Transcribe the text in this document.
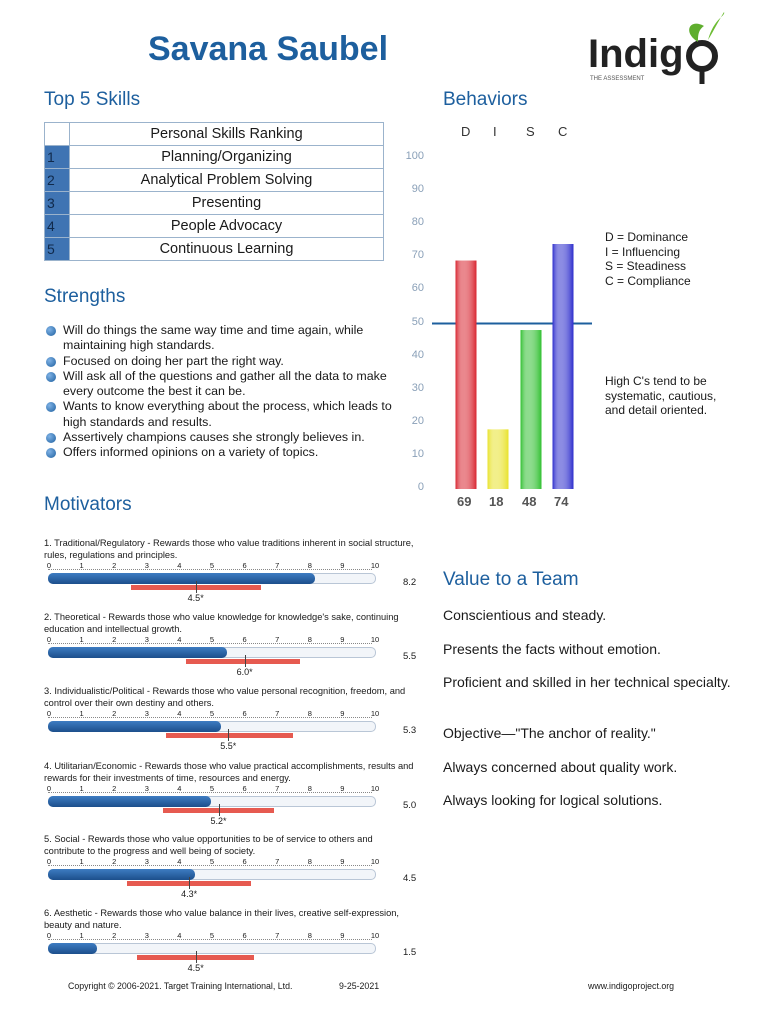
Savana Saubel	Indig
THE ASSESSMENT
Top 5 Skills
	Personal Skills Ranking
1	Planning/Organizing
2	Analytical Problem Solving
3	Presenting
4	People Advocacy
5	Continuous Learning
Strengths
Will do things the same way time and time again, while maintaining high standards.
Focused on doing her part the right way.
Will ask all of the questions and gather all the data to make every outcome the best it can be.
Wants to know everything about the process, which leads to high standards and results.
Assertively champions causes she strongly believes in.
Offers informed opinions on a variety of topics.
Motivators
1. Traditional/Regulatory - Rewards those who value traditions inherent in social structure, rules, regulations and principles.
0	1	2	3	4	5	6	7	8	9	10
4.5*
8.2
2. Theoretical - Rewards those who value knowledge for knowledge's sake, continuing education and intellectual growth.
0	1	2	3	4	5	6	7	8	9	10
6.0*
5.5
3. Individualistic/Political - Rewards those who value personal recognition, freedom, and control over their own destiny and others.
0	1	2	3	4	5	6	7	8	9	10
5.5*
5.3
4. Utilitarian/Economic - Rewards those who value practical accomplishments, results and rewards for their investments of time, resources and energy.
0	1	2	3	4	5	6	7	8	9	10
5.2*
5.0
5. Social - Rewards those who value opportunities to be of service to others and contribute to the progress and well being of society.
0	1	2	3	4	5	6	7	8	9	10
4.3*
4.5
6. Aesthetic - Rewards those who value balance in their lives, creative self-expression, beauty and nature.
0	1	2	3	4	5	6	7	8	9	10
4.5*
1.5
Behaviors
D I S C
0
10
20
30
40
50
60
70
80
90
100
69 18 48 74
D = Dominance
I = Influencing
S = Steadiness
C = Compliance
High C's tend to be systematic, cautious, and detail oriented.
Value to a Team
Conscientious and steady.
Presents the facts without emotion.
Proficient and skilled in her technical specialty.
Objective—"The anchor of reality."
Always concerned about quality work.
Always looking for logical solutions.
Copyright © 2006-2021. Target Training International, Ltd.	9-25-2021	www.indigoproject.org
